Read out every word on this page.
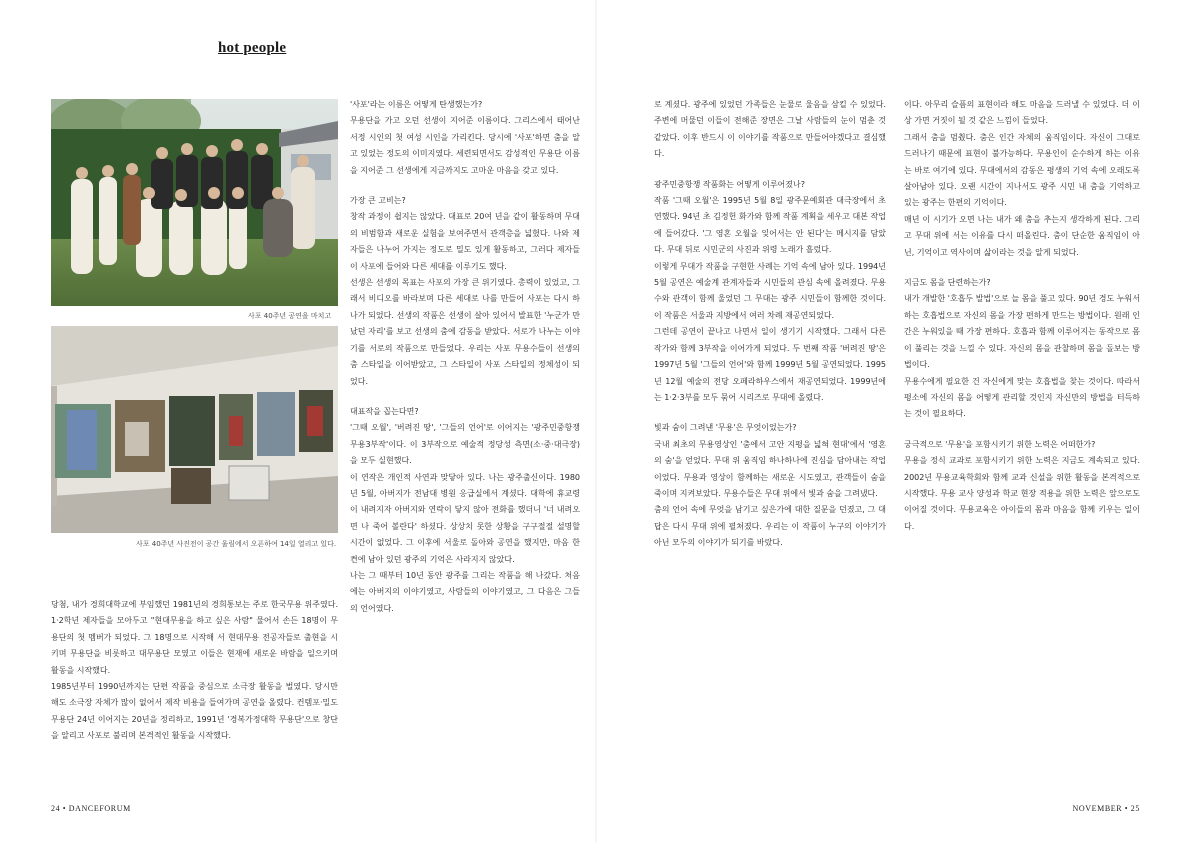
hot people
사포 40주년 공연을 마치고
사포 40주년 사진전이 공간 울림에서 오픈하여 14일 열리고 있다.

당첨, 내가 경희대학교에 부임했던 1981년의 경희통보는 주로 한국무용 위주였다. 1·2학년 제자들을 모아두고 "현대무용을 하고 싶은 사람" 물어서 손든 18명이 무용단의 첫 멤버가 되었다. 그 18명으로 시작해 서 현대무용 전공자들로 출현을 시키며 무용단을 비롯하고 대무용단 모였고 이들은 현재에 새로운 바람을 일으키며 활동을 시작했다.

1985년부터 1990년까지는 단편 작품을 중심으로 소극장 활동을 벌였다. 당시만 해도 소극장 자체가 많이 없어서 제작 비용을 들여가며 공연을 올렸다. 컨템포·밀도 무용단 24년 이어지는 20년을 정리하고, 1991년 '경복가정대학 무용단'으로 창단을 알리고 사포로 불리며 본격적인 활동을 시작했다.

'사포'라는 이름은 어떻게 탄생했는가?

무용단을 가고 오던 선생이 지어준 이름이다. 그리스에서 태어난 서정 시인의 첫 여성 시인을 가리킨다. 당시에 '사포'하면 춤을 알고 있었는 정도의 이미지였다. 세련되면서도 감성적인 무용단 이름을 지어준 그 선생에게 지금까지도 고마운 마음을 갖고 있다.

가장 큰 고비는?

창작 과정이 쉽지는 않았다. 대표로 20여 년을 같이 활동하며 무대의 비범함과 새로운 실험을 보여주면서 관객층을 넓혔다. 나와 제자들은 나누어 가지는 정도로 밀도 있게 활동하고, 그러다 제자들이 사포에 들어와 다른 세대를 이루기도 했다.

선생은 선생의 목표는 사포의 가장 큰 위기였다. 총력이 있었고, 그래서 비디오를 바라보며 다른 세대로 나를 만들어 사포는 다시 하나가 되었다. 선생의 작품은 선생이 살아 있어서 발표한 '누군가 만났던 자리'를 보고 선생의 춤에 감동을 받았다. 서로가 나누는 이야기를 서로의 작품으로 만들었다. 우리는 사포 무용수들이 선생의 춤 스타일을 이어받았고, 그 스타일이 사포 스타일의 정체성이 되었다.

대표작을 꼽는다면?

'그때 오월', '버려진 땅', '그들의 언어'로 이어지는 '광주민중항쟁 무용3부작'이다. 이 3부작으로 예술적 정당성 측면(소·중·대극장)을 모두 실현했다.

이 연작은 개인적 사연과 맞닿아 있다. 나는 광주출신이다. 1980년 5월, 아버지가 전남대 병원 응급실에서 계셨다. 대학에 휴교령이 내려지자 아버지와 연락이 닿지 않아 전화를 했더니 '너 내려오면 나 죽어 볼란다' 하셨다. 상상치 못한 상황을 구구절절 설명할 시간이 없었다. 그 이후에 서울로 돌아와 공연을 했지만, 마음 한 켠에 남아 있던 광주의 기억은 사라지지 않았다.

나는 그 때부터 10년 동안 광주를 그리는 작품을 해 나갔다. 처음에는 아버지의 이야기였고, 사람들의 이야기였고, 그 다음은 그들의 언어였다.

로 계셨다. 광주에 있었던 가족들은 눈물로 울음을 삼킬 수 있었다. 주변에 머물던 이들이 전해준 장면은 그날 사람들의 눈이 멈춘 것 같았다. 이후 반드시 이 이야기를 작품으로 만들어야겠다고 결심했다.

광주민중항쟁 작품화는 어떻게 이루어졌나?

작품 '그때 오월'은 1995년 5월 8일 광주문예회관 대극장에서 초연했다. 94년 초 김정헌 화가와 함께 작품 계획을 세우고 대본 작업에 들어갔다. '그 영혼 오월을 잊어서는 안 된다'는 메시지를 담았다. 무대 뒤로 시민군의 사진과 위령 노래가 흘렀다.

이렇게 무대가 작품을 구현한 사례는 기억 속에 남아 있다. 1994년 5월 공연은 예술계 관계자들과 시민들의 관심 속에 올려졌다. 무용수와 관객이 함께 울었던 그 무대는 광주 시민들이 함께한 것이다. 이 작품은 서울과 지방에서 여러 차례 재공연되었다.

그런데 공연이 끝나고 나면서 일이 생기기 시작했다. 그래서 다른 작가와 함께 3부작을 이어가게 되었다. 두 번째 작품 '버려진 땅'은 1997년 5월 '그들의 언어'와 함께 1999년 5월 공연되었다. 1995년 12월 예술의 전당 오페라하우스에서 재공연되었다. 1999년에는 1·2·3부를 모두 묶어 시리즈로 무대에 올렸다.

빛과 숨이 그려낸 '무용'은 무엇이었는가?

국내 최초의 무용영상인 '춤에서 고안 지평을 넓혀 현대'에서 '영혼의 숨'을 얻었다. 무대 위 움직임 하나하나에 진심을 담아내는 작업이었다. 무용과 영상이 함께하는 새로운 시도였고, 관객들이 숨을 죽이며 지켜보았다. 무용수들은 무대 위에서 빛과 숨을 그려냈다.

춤의 언어 속에 무엇을 남기고 싶은가에 대한 질문을 던졌고, 그 대답은 다시 무대 위에 펼쳐졌다. 우리는 이 작품이 누구의 이야기가 아닌 모두의 이야기가 되기를 바랐다.

이다. 아무리 슬픔의 표현이라 해도 마음을 드러낼 수 있었다. 더 이상 가면 거짓이 될 것 같은 느낌이 들었다.

그래서 춤을 멈췄다. 춤은 인간 자체의 움직임이다. 자신이 그대로 드러나기 때문에 표현이 불가능하다. 무용인이 순수하게 하는 이유는 바로 여기에 있다. 무대에서의 감동은 평생의 기억 속에 오래도록 살아남아 있다. 오랜 시간이 지나서도 광주 시민 내 춤을 기억하고 있는 광주는 한편의 기억이다.

매년 이 시기가 오면 나는 내가 왜 춤을 추는지 생각하게 된다. 그리고 무대 위에 서는 이유를 다시 떠올린다. 춤이 단순한 움직임이 아닌, 기억이고 역사이며 삶이라는 것을 알게 되었다.

지금도 몸을 단련하는가?

내가 개발한 '호흡두 발법'으로 늘 몸을 풀고 있다. 90년 경도 누워서 하는 호흡법으로 자신의 몸을 가장 편하게 만드는 방법이다. 원래 인간은 누워있을 때 가장 편하다. 호흡과 함께 이루어지는 동작으로 몸이 풀리는 것을 느낄 수 있다. 자신의 몸을 관찰하며 몸을 돌보는 방법이다.

무용수에게 필요한 건 자신에게 맞는 호흡법을 찾는 것이다. 따라서 평소에 자신의 몸을 어떻게 관리할 것인지 자신만의 방법을 터득하는 것이 필요하다.

궁극적으로 '무용'을 포함시키기 위한 노력은 어떠한가?

무용을 정식 교과로 포함시키기 위한 노력은 지금도 계속되고 있다. 2002년 무용교육학회와 함께 교과 신설을 위한 활동을 본격적으로 시작했다. 무용 교사 양성과 학교 현장 적용을 위한 노력은 앞으로도 이어질 것이다. 무용교육은 아이들의 몸과 마음을 함께 키우는 일이다.

24 • DANCEFORUM	NOVEMBER • 25
